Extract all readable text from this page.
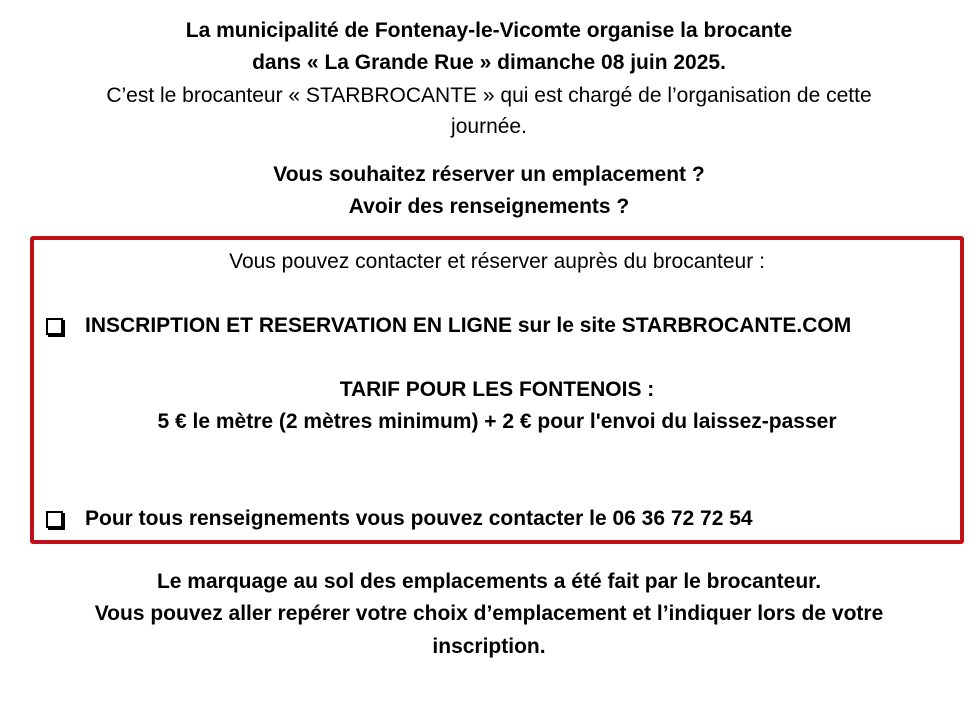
La municipalité de Fontenay-le-Vicomte organise la brocante
dans « La Grande Rue » dimanche 08 juin 2025.
C’est le brocanteur « STARBROCANTE » qui est chargé de l’organisation de cette
journée.
Vous souhaitez réserver un emplacement ?
Avoir des renseignements ?
Vous pouvez contacter et réserver auprès du brocanteur :
INSCRIPTION ET RESERVATION EN LIGNE sur le site STARBROCANTE.COM
TARIF POUR LES FONTENOIS :
5 € le mètre (2 mètres minimum) + 2 € pour l'envoi du laissez-passer
Pour tous renseignements vous pouvez contacter le 06 36 72 72 54
Le marquage au sol des emplacements a été fait par le brocanteur.
Vous pouvez aller repérer votre choix d’emplacement et l’indiquer lors de votre
inscription.
